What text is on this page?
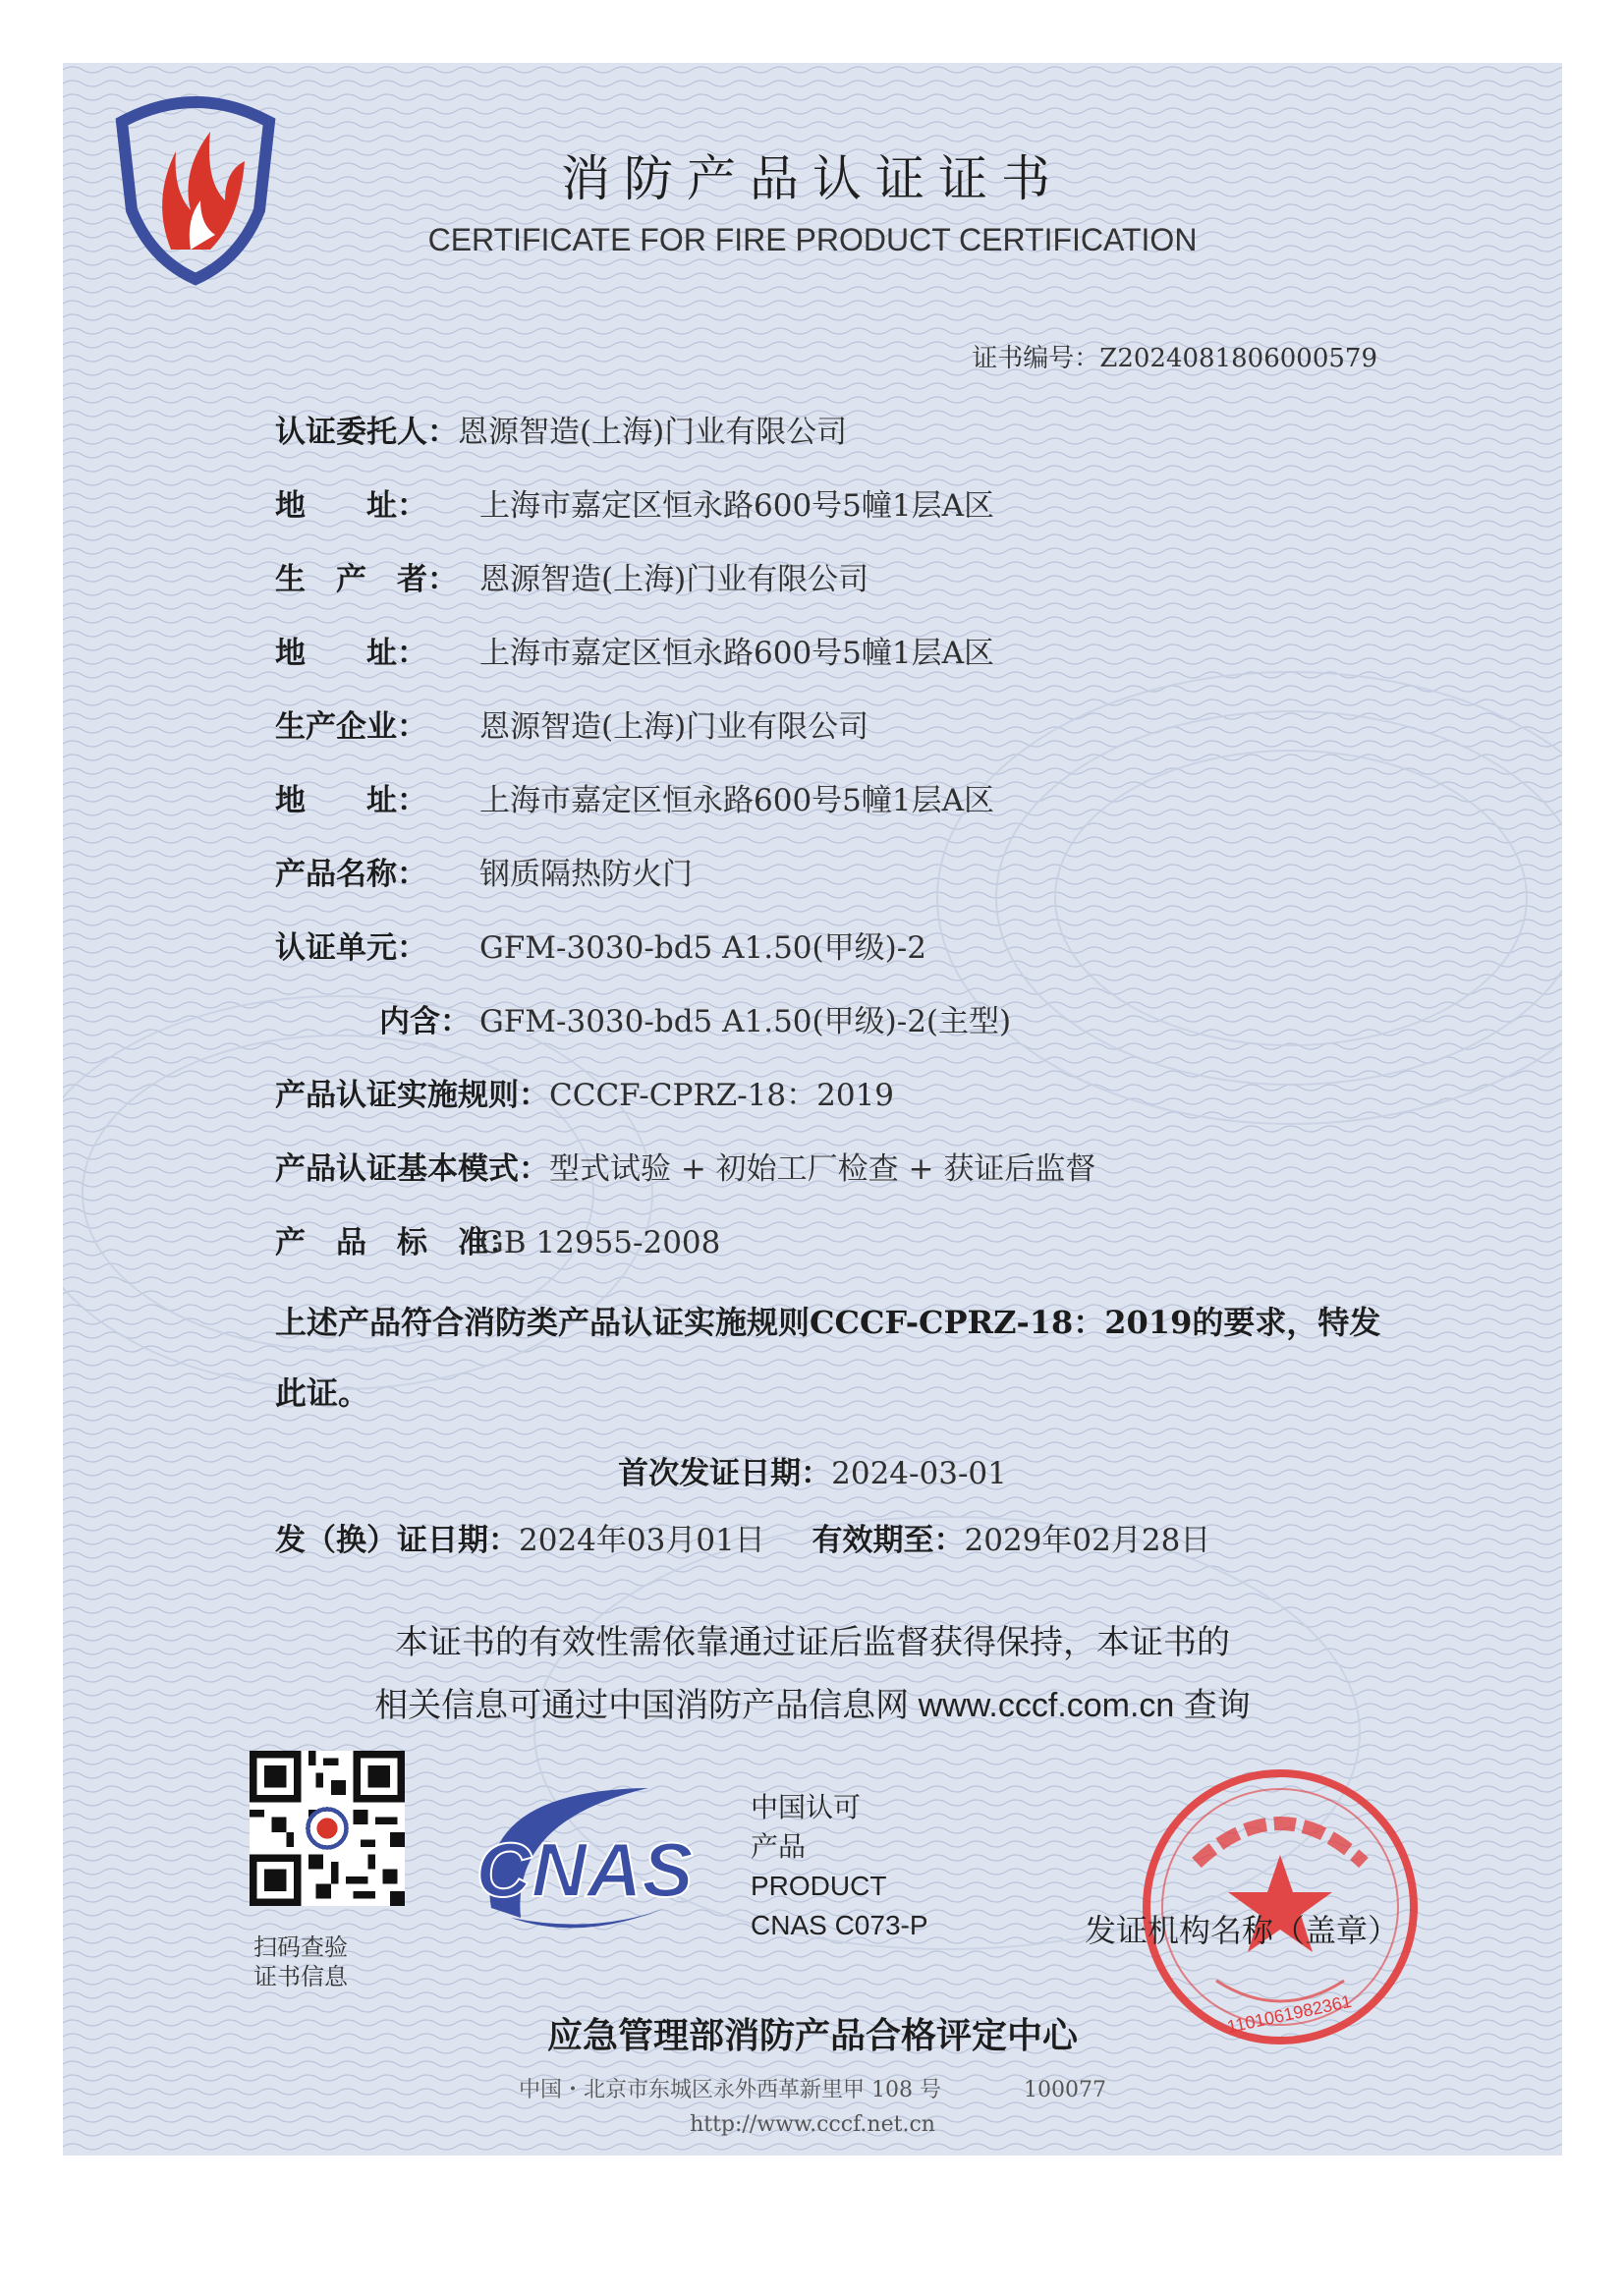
消防产品认证证书
CERTIFICATE FOR FIRE PRODUCT CERTIFICATION
证书编号：Z2024081806000579
认证委托人：恩源智造(上海)门业有限公司
地　　址： 上海市嘉定区恒永路600号5幢1层A区
生　产　者： 恩源智造(上海)门业有限公司
地　　址： 上海市嘉定区恒永路600号5幢1层A区
生产企业： 恩源智造(上海)门业有限公司
地　　址： 上海市嘉定区恒永路600号5幢1层A区
产品名称： 钢质隔热防火门
认证单元： GFM-3030-bd5 A1.50(甲级)-2
内含： GFM-3030-bd5 A1.50(甲级)-2(主型)
产品认证实施规则：CCCF-CPRZ-18：2019
产品认证基本模式：型式试验 + 初始工厂检查 + 获证后监督
产　品　标　准：GB 12955-2008
上述产品符合消防类产品认证实施规则CCCF-CPRZ-18：2019的要求，特发此证。
首次发证日期：2024-03-01
发（换）证日期：2024年03月01日 有效期至：2029年02月28日
本证书的有效性需依靠通过证后监督获得保持，本证书的
相关信息可通过中国消防产品信息网 www.cccf.com.cn 查询
扫码查验
证书信息
CNAS
中国认可
产品
PRODUCT
CNAS C073-P
1101061982361
发证机构名称（盖章）
应急管理部消防产品合格评定中心
中国・北京市东城区永外西革新里甲 108 号	100077
http://www.cccf.net.cn
